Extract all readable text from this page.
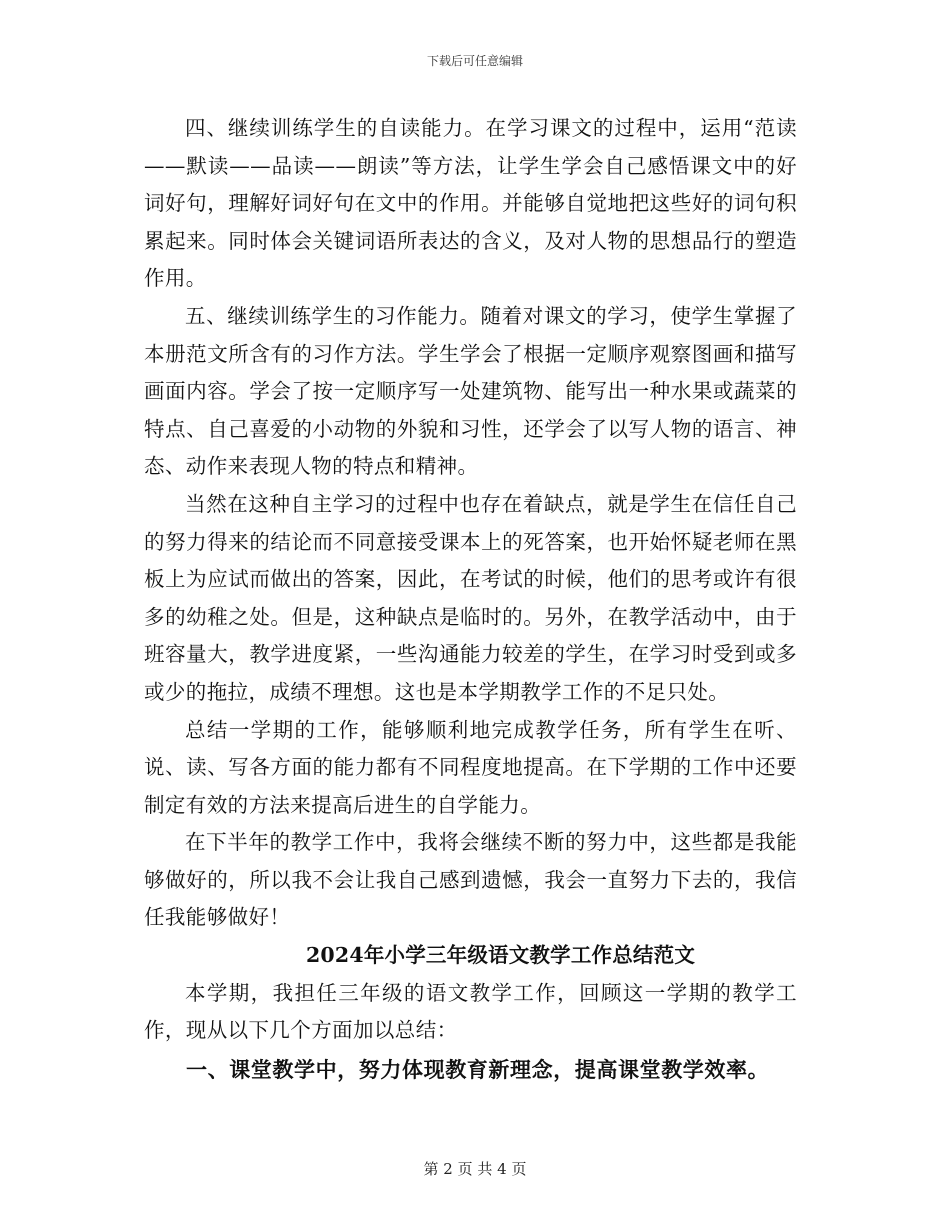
下载后可任意编辑

四、继续训练学生的自读能力。在学习课文的过程中，运用“范读——默读——品读——朗读”等方法，让学生学会自己感悟课文中的好词好句，理解好词好句在文中的作用。并能够自觉地把这些好的词句积累起来。同时体会关键词语所表达的含义，及对人物的思想品行的塑造作用。

五、继续训练学生的习作能力。随着对课文的学习，使学生掌握了本册范文所含有的习作方法。学生学会了根据一定顺序观察图画和描写画面内容。学会了按一定顺序写一处建筑物、能写出一种水果或蔬菜的特点、自己喜爱的小动物的外貌和习性，还学会了以写人物的语言、神态、动作来表现人物的特点和精神。

当然在这种自主学习的过程中也存在着缺点，就是学生在信任自己的努力得来的结论而不同意接受课本上的死答案，也开始怀疑老师在黑板上为应试而做出的答案，因此，在考试的时候，他们的思考或许有很多的幼稚之处。但是，这种缺点是临时的。另外，在教学活动中，由于班容量大，教学进度紧，一些沟通能力较差的学生，在学习时受到或多或少的拖拉，成绩不理想。这也是本学期教学工作的不足只处。

总结一学期的工作，能够顺利地完成教学任务，所有学生在听、说、读、写各方面的能力都有不同程度地提高。在下学期的工作中还要制定有效的方法来提高后进生的自学能力。

在下半年的教学工作中，我将会继续不断的努力中，这些都是我能够做好的，所以我不会让我自己感到遗憾，我会一直努力下去的，我信任我能够做好！

2024年小学三年级语文教学工作总结范文

本学期，我担任三年级的语文教学工作，回顾这一学期的教学工作，现从以下几个方面加以总结：

一、课堂教学中，努力体现教育新理念，提高课堂教学效率。

第 2 页 共 4 页
